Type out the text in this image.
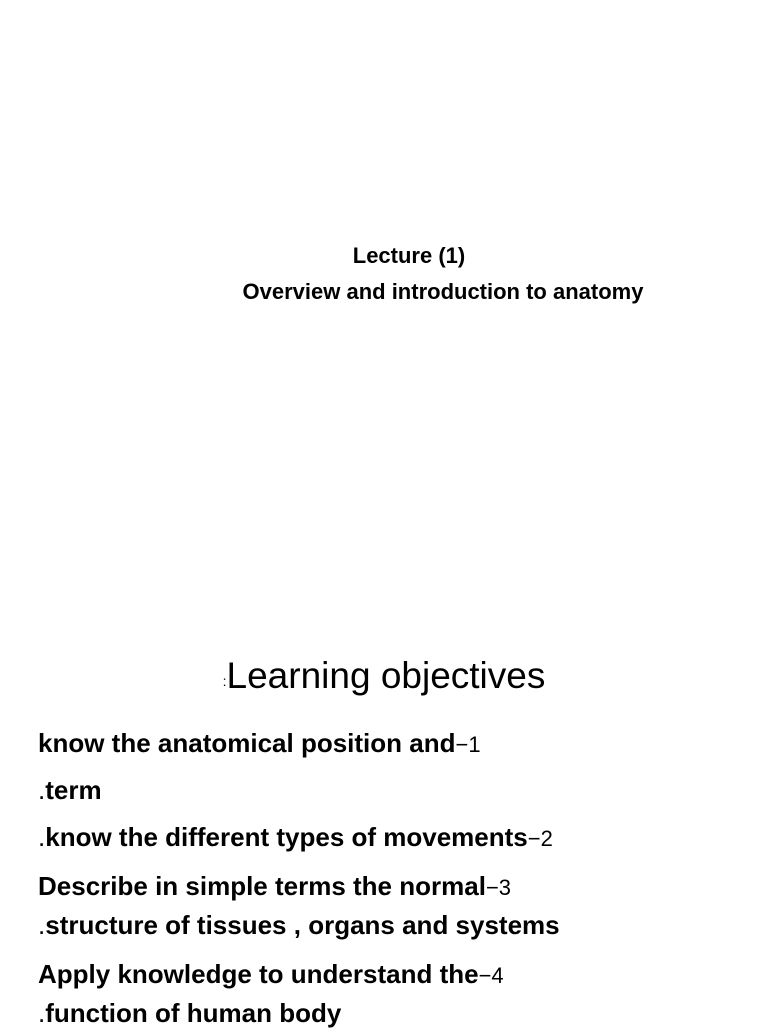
Lecture (1)
Overview and introduction to anatomy
:Learning objectives
know the anatomical position and−1
.term
.know the different types of movements−2
Describe in simple terms the normal−3
.structure of tissues , organs and systems
Apply knowledge to understand the−4
.function of human body
